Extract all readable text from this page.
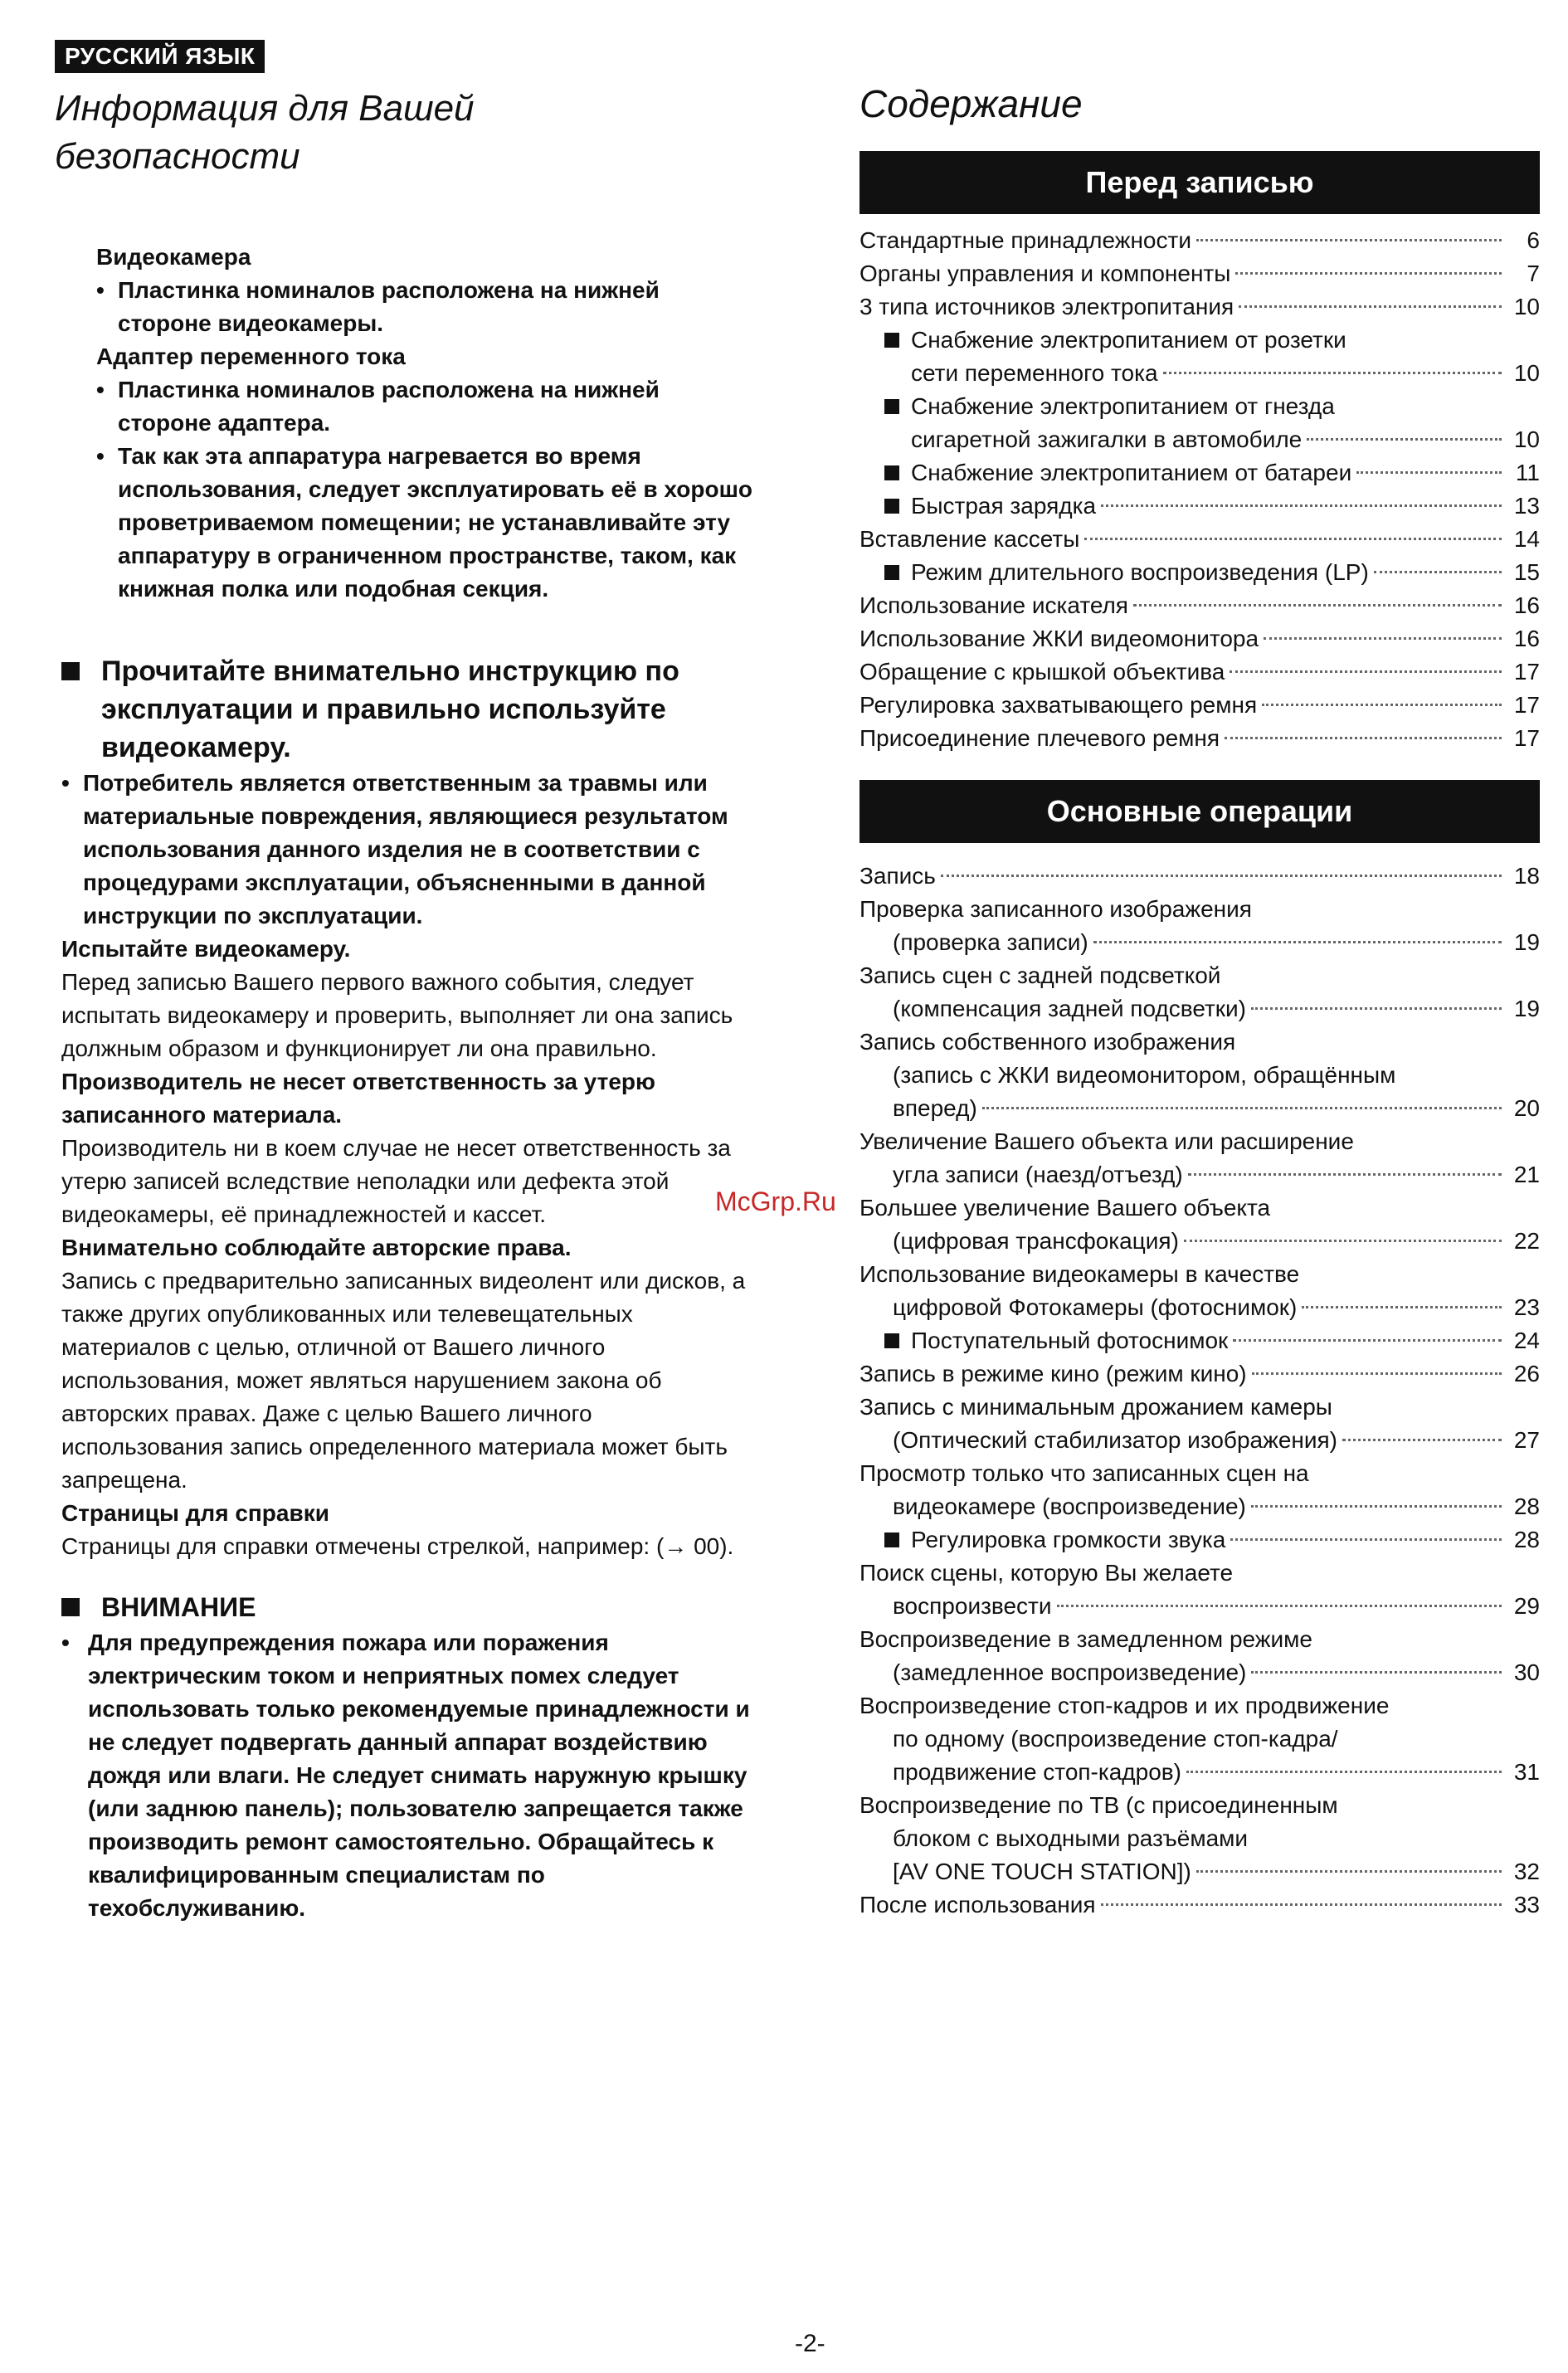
РУССКИЙ ЯЗЫК
Информация для Вашей безопасности
Содержание

Видеокамера

• Пластинка номиналов расположена на нижней стороне видеокамеры.

Адаптер переменного тока

• Пластинка номиналов расположена на нижней стороне адаптера.

• Так как эта аппаратура нагревается во время использования, следует эксплуатировать её в хорошо проветриваемом помещении; не устанавливайте эту аппаратуру в ограниченном пространстве, таком, как книжная полка или подобная секция.

Прочитайте внимательно инструкцию по эксплуатации и правильно используйте видеокамеру.

• Потребитель является ответственным за травмы или материальные повреждения, являющиеся результатом использования данного изделия не в соответствии с процедурами эксплуатации, объясненными в данной инструкции по эксплуатации.

Испытайте видеокамеру.

Перед записью Вашего первого важного события, следует испытать видеокамеру и проверить, выполняет ли она запись должным образом и функционирует ли она правильно.

Производитель не несет ответственность за утерю записанного материала.

Производитель ни в коем случае не несет ответственность за утерю записей вследствие неполадки или дефекта этой видеокамеры, её принадлежностей и кассет.

Внимательно соблюдайте авторские права.

Запись с предварительно записанных видеолент или дисков, а также других опубликованных или телевещательных материалов с целью, отличной от Вашего личного использования, может являться нарушением закона об авторских правах. Даже с целью Вашего личного использования запись определенного материала может быть запрещена.

Страницы для справки

Страницы для справки отмечены стрелкой, например: (→ 00).

ВНИМАНИЕ

• Для предупреждения пожара или поражения электрическим током и неприятных помех следует использовать только рекомендуемые принадлежности и не следует подвергать данный аппарат воздействию дождя или влаги. Не следует снимать наружную крышку (или заднюю панель); пользователю запрещается также производить ремонт самостоятельно. Обращайтесь к квалифицированным специалистам по техобслуживанию.

Перед записью
Стандартные принадлежности	6
Органы управления и компоненты	7
3 типа источников электропитания	10
Снабжение электропитанием от розетки
сети переменного тока	10
Снабжение электропитанием от гнезда
сигаретной зажигалки в автомобиле	10
Снабжение электропитанием от батареи	11
Быстрая зарядка	13
Вставление кассеты	14
Режим длительного воспроизведения (LP)	15
Использование искателя	16
Использование ЖКИ видеомонитора	16
Обращение с крышкой объектива	17
Регулировка захватывающего ремня	17
Присоединение плечевого ремня	17
Основные операции
Запись	18
Проверка записанного изображения
(проверка записи)	19
Запись сцен с задней подсветкой
(компенсация задней подсветки)	19
Запись собственного изображения
(запись с ЖКИ видеомонитором, обращённым
вперед)	20
Увеличение Вашего объекта или расширение
угла записи (наезд/отъезд)	21
Большее увеличение Вашего объекта
(цифровая трансфокация)	22
Использование видеокамеры в качестве
цифровой Фотокамеры (фотоснимок)	23
Поступательный фотоснимок	24
Запись в режиме кино (режим кино)	26
Запись с минимальным дрожанием камеры
(Оптический стабилизатор изображения)	27
Просмотр только что записанных сцен на
видеокамере (воспроизведение)	28
Регулировка громкости звука	28
Поиск сцены, которую Вы желаете
воспроизвести	29
Воспроизведение в замедленном режиме
(замедленное воспроизведение)	30
Воспроизведение стоп-кадров и их продвижение
по одному (воспроизведение стоп-кадра/
продвижение стоп-кадров)	31
Воспроизведение по ТВ (с присоединенным
блоком с выходными разъёмами
[AV ONE TOUCH STATION])	32
После использования	33
McGrp.Ru
-2-
